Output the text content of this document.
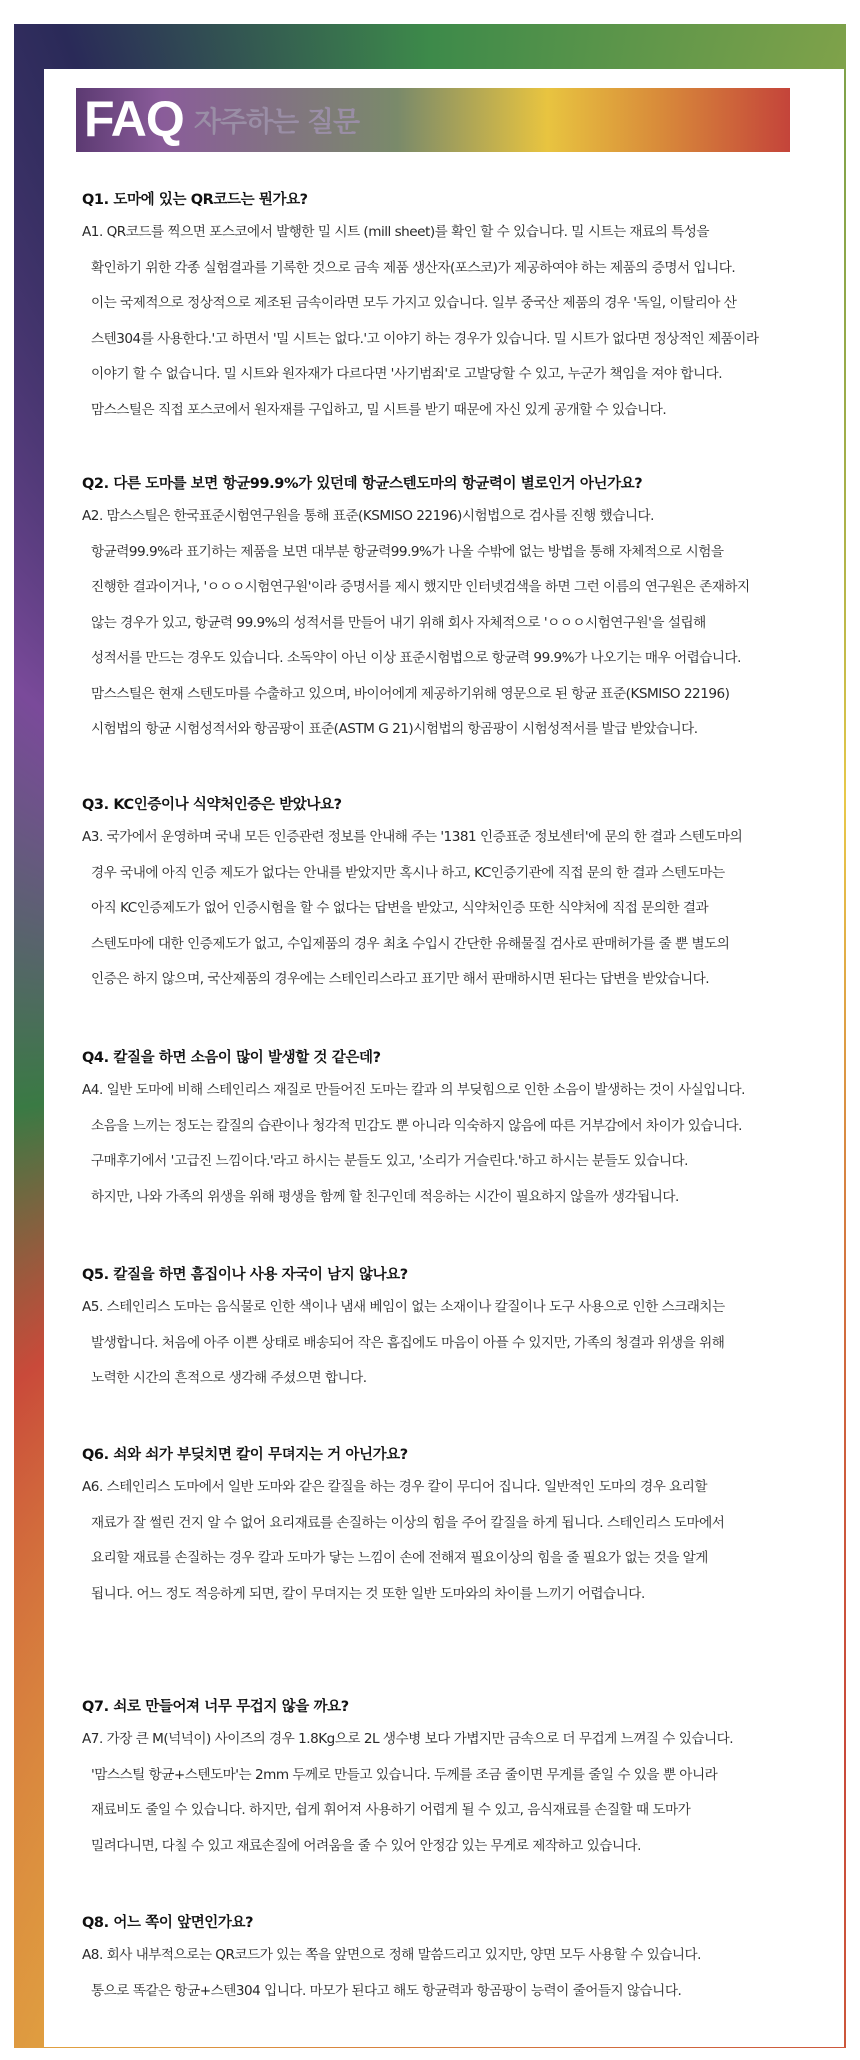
FAQ 자주하는 질문
Q1. 도마에 있는 QR코드는 뭔가요?
A1. QR코드를 찍으면 포스코에서 발행한 밀 시트 (mill sheet)를 확인 할 수 있습니다. 밀 시트는 재료의 특성을
확인하기 위한 각종 실험결과를 기록한 것으로 금속 제품 생산자(포스코)가 제공하여야 하는 제품의 증명서 입니다.
이는 국제적으로 정상적으로 제조된 금속이라면 모두 가지고 있습니다. 일부 중국산 제품의 경우 '독일, 이탈리아 산
스텐304를 사용한다.'고 하면서 '밀 시트는 없다.'고 이야기 하는 경우가 있습니다. 밀 시트가 없다면 정상적인 제품이라
이야기 할 수 없습니다. 밀 시트와 원자재가 다르다면 '사기범죄'로 고발당할 수 있고, 누군가 책임을 져야 합니다.
맘스스틸은 직접 포스코에서 원자재를 구입하고, 밀 시트를 받기 때문에 자신 있게 공개할 수 있습니다.
Q2. 다른 도마를 보면 항균99.9%가 있던데 항균스텐도마의 항균력이 별로인거 아닌가요?
A2. 맘스스틸은 한국표준시험연구원을 통해 표준(KSMISO 22196)시험법으로 검사를 진행 했습니다.
항균력99.9%라 표기하는 제품을 보면 대부분 항균력99.9%가 나올 수밖에 없는 방법을 통해 자체적으로 시험을
진행한 결과이거나, 'ㅇㅇㅇ시험연구원'이라 증명서를 제시 했지만 인터넷검색을 하면 그런 이름의 연구원은 존재하지
않는 경우가 있고, 항균력 99.9%의 성적서를 만들어 내기 위해 회사 자체적으로 'ㅇㅇㅇ시험연구원'을 설립해
성적서를 만드는 경우도 있습니다. 소독약이 아닌 이상 표준시험법으로 항균력 99.9%가 나오기는 매우 어렵습니다.
맘스스틸은 현재 스텐도마를 수출하고 있으며, 바이어에게 제공하기위해 영문으로 된 항균 표준(KSMISO 22196)
시험법의 항균 시험성적서와 항곰팡이 표준(ASTM G 21)시험법의 항곰팡이 시험성적서를 발급 받았습니다.
Q3. KC인증이나 식약처인증은 받았나요?
A3. 국가에서 운영하며 국내 모든 인증관련 정보를 안내해 주는 '1381 인증표준 정보센터'에 문의 한 결과 스텐도마의
경우 국내에 아직 인증 제도가 없다는 안내를 받았지만 혹시나 하고, KC인증기관에 직접 문의 한 결과 스텐도마는
아직 KC인증제도가 없어 인증시험을 할 수 없다는 답변을 받았고, 식약처인증 또한 식약처에 직접 문의한 결과
스텐도마에 대한 인증제도가 없고, 수입제품의 경우 최초 수입시 간단한 유해물질 검사로 판매허가를 줄 뿐 별도의
인증은 하지 않으며, 국산제품의 경우에는 스테인리스라고 표기만 해서 판매하시면 된다는 답변을 받았습니다.
Q4. 칼질을 하면 소음이 많이 발생할 것 같은데?
A4. 일반 도마에 비해 스테인리스 재질로 만들어진 도마는 칼과 의 부딪힘으로 인한 소음이 발생하는 것이 사실입니다.
소음을 느끼는 정도는 칼질의 습관이나 청각적 민감도 뿐 아니라 익숙하지 않음에 따른 거부감에서 차이가 있습니다.
구매후기에서 '고급진 느낌이다.'라고 하시는 분들도 있고, '소리가 거슬린다.'하고 하시는 분들도 있습니다.
하지만, 나와 가족의 위생을 위해 평생을 함께 할 친구인데 적응하는 시간이 필요하지 않을까 생각됩니다.
Q5. 칼질을 하면 흠집이나 사용 자국이 남지 않나요?
A5. 스테인리스 도마는 음식물로 인한 색이나 냄새 베임이 없는 소재이나 칼질이나 도구 사용으로 인한 스크래치는
발생합니다. 처음에 아주 이쁜 상태로 배송되어 작은 흠집에도 마음이 아플 수 있지만, 가족의 청결과 위생을 위해
노력한 시간의 흔적으로 생각해 주셨으면 합니다.
Q6. 쇠와 쇠가 부딪치면 칼이 무뎌지는 거 아닌가요?
A6. 스테인리스 도마에서 일반 도마와 같은 칼질을 하는 경우 칼이 무디어 집니다. 일반적인 도마의 경우 요리할
재료가 잘 썰린 건지 알 수 없어 요리재료를 손질하는 이상의 힘을 주어 칼질을 하게 됩니다. 스테인리스 도마에서
요리할 재료를 손질하는 경우 칼과 도마가 닿는 느낌이 손에 전해져 필요이상의 힘을 줄 필요가 없는 것을 알게
됩니다. 어느 정도 적응하게 되면, 칼이 무뎌지는 것 또한 일반 도마와의 차이를 느끼기 어렵습니다.
Q7. 쇠로 만들어져 너무 무겁지 않을 까요?
A7. 가장 큰 M(넉넉이) 사이즈의 경우 1.8Kg으로 2L 생수병 보다 가볍지만 금속으로 더 무겁게 느껴질 수 있습니다.
'맘스스틸 항균+스텐도마'는 2mm 두께로 만들고 있습니다. 두께를 조금 줄이면 무게를 줄일 수 있을 뿐 아니라
재료비도 줄일 수 있습니다. 하지만, 쉽게 휘어져 사용하기 어렵게 될 수 있고, 음식재료를 손질할 때 도마가
밀려다니면, 다칠 수 있고 재료손질에 어려움을 줄 수 있어 안정감 있는 무게로 제작하고 있습니다.
Q8. 어느 쪽이 앞면인가요?
A8. 회사 내부적으로는 QR코드가 있는 쪽을 앞면으로 정해 말씀드리고 있지만, 양면 모두 사용할 수 있습니다.
통으로 똑같은 항균+스텐304 입니다. 마모가 된다고 해도 항균력과 항곰팡이 능력이 줄어들지 않습니다.
